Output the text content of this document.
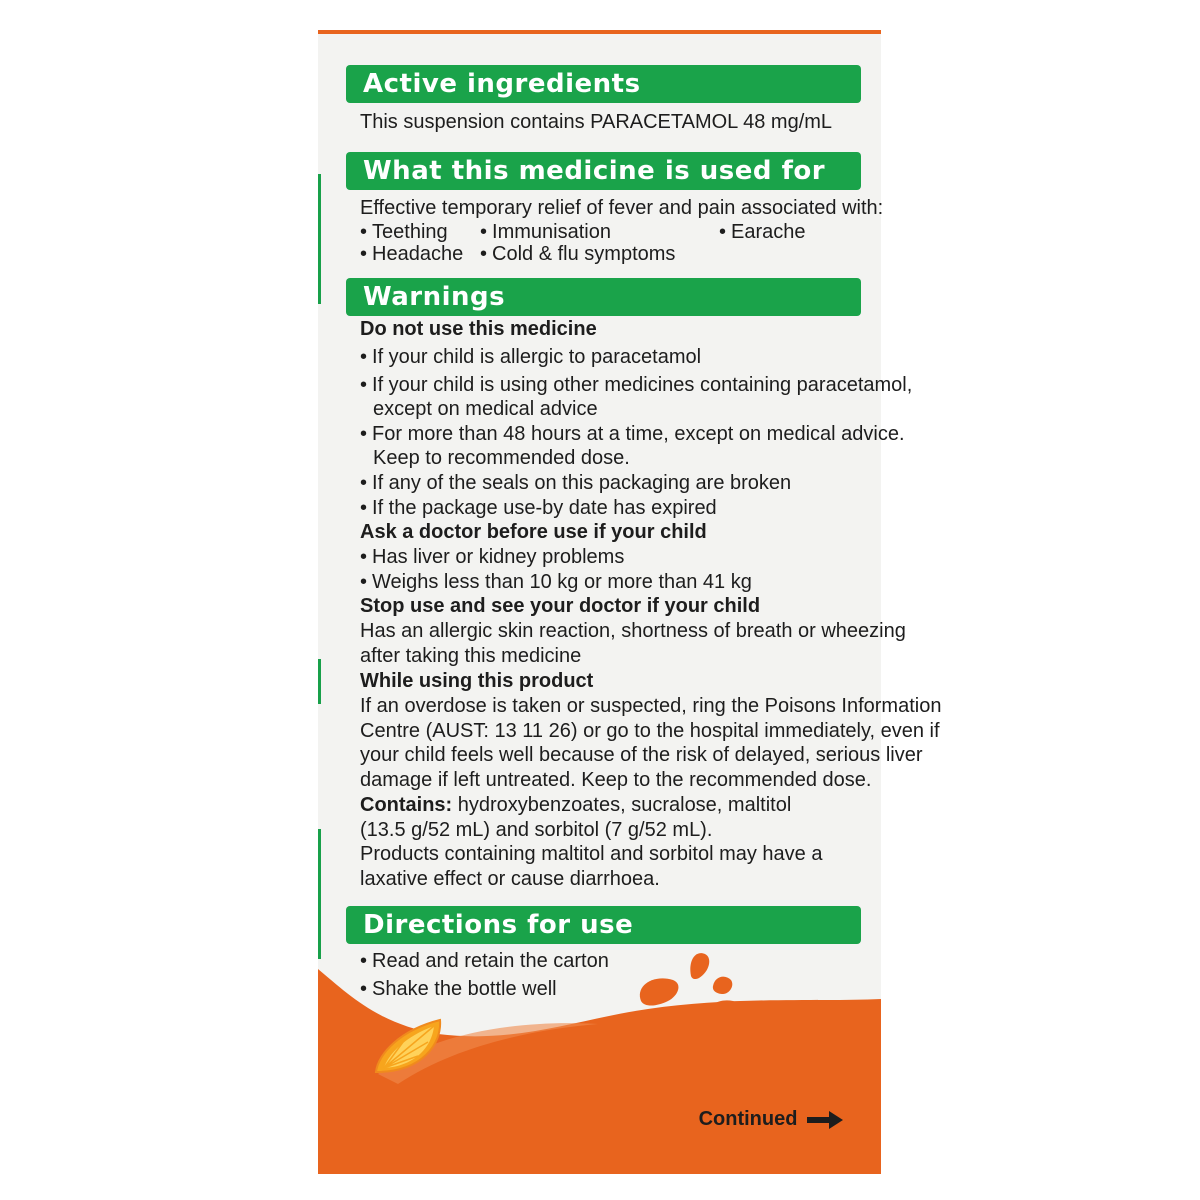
Active ingredients
This suspension contains PARACETAMOL 48 mg/mL
What this medicine is used for
Effective temporary relief of fever and pain associated with:
• Teething	• Immunisation	• Earache
• Headache	• Cold & flu symptoms
Warnings
Do not use this medicine
• If your child is allergic to paracetamol
• If your child is using other medicines containing paracetamol,
except on medical advice
• For more than 48 hours at a time, except on medical advice.
Keep to recommended dose.
• If any of the seals on this packaging are broken
• If the package use-by date has expired
Ask a doctor before use if your child
• Has liver or kidney problems
• Weighs less than 10 kg or more than 41 kg
Stop use and see your doctor if your child
Has an allergic skin reaction, shortness of breath or wheezing
after taking this medicine
While using this product
If an overdose is taken or suspected, ring the Poisons Information
Centre (AUST: 13 11 26) or go to the hospital immediately, even if
your child feels well because of the risk of delayed, serious liver
damage if left untreated. Keep to the recommended dose.
Contains: hydroxybenzoates, sucralose, maltitol
(13.5 g/52 mL) and sorbitol (7 g/52 mL).
Products containing maltitol and sorbitol may have a
laxative effect or cause diarrhoea.
Directions for use
• Read and retain the carton
• Shake the bottle well
Continued
